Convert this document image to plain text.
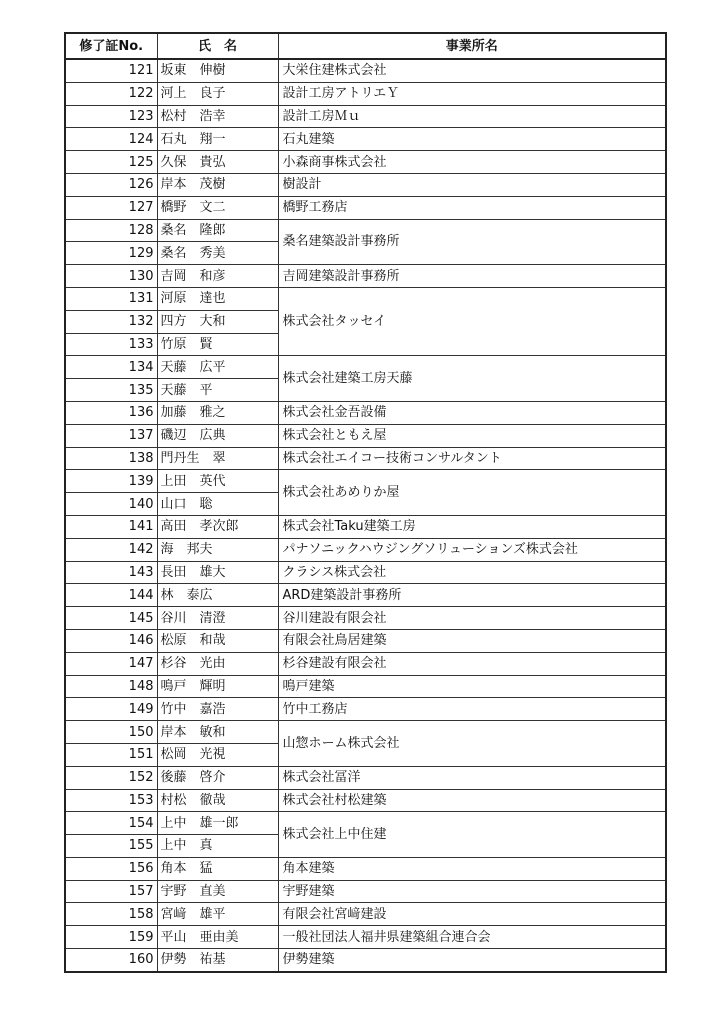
修了証No.	氏　名	事業所名
121	坂東　伸樹	大栄住建株式会社
122	河上　良子	設計工房アトリエＹ
123	松村　浩幸	設計工房Ｍｕ
124	石丸　翔一	石丸建築
125	久保　貴弘	小森商事株式会社
126	岸本　茂樹	樹設計
127	橋野　文二	橋野工務店
128	桑名　隆郎	桑名建築設計事務所
129	桑名　秀美	
130	吉岡　和彦	吉岡建築設計事務所
131	河原　達也	株式会社タッセイ
132	四方　大和	
133	竹原　賢	
134	天藤　広平	株式会社建築工房天藤
135	天藤　平	
136	加藤　雅之	株式会社金吾設備
137	磯辺　広典	株式会社ともえ屋
138	門丹生　翠	株式会社エイコー技術コンサルタント
139	上田　英代	株式会社あめりか屋
140	山口　聡	
141	高田　孝次郎	株式会社Taku建築工房
142	海　邦夫	パナソニックハウジングソリューションズ株式会社
143	長田　雄大	クラシス株式会社
144	林　泰広	ARD建築設計事務所
145	谷川　清澄	谷川建設有限会社
146	松原　和哉	有限会社鳥居建築
147	杉谷　光由	杉谷建設有限会社
148	鳴戸　輝明	鳴戸建築
149	竹中　嘉浩	竹中工務店
150	岸本　敏和	山惣ホーム株式会社
151	松岡　光視	
152	後藤　啓介	株式会社冨洋
153	村松　徹哉	株式会社村松建築
154	上中　雄一郎	株式会社上中住建
155	上中　真	
156	角本　猛	角本建築
157	宇野　直美	宇野建築
158	宮﨑　雄平	有限会社宮﨑建設
159	平山　亜由美	一般社団法人福井県建築組合連合会
160	伊勢　祐基	伊勢建築
